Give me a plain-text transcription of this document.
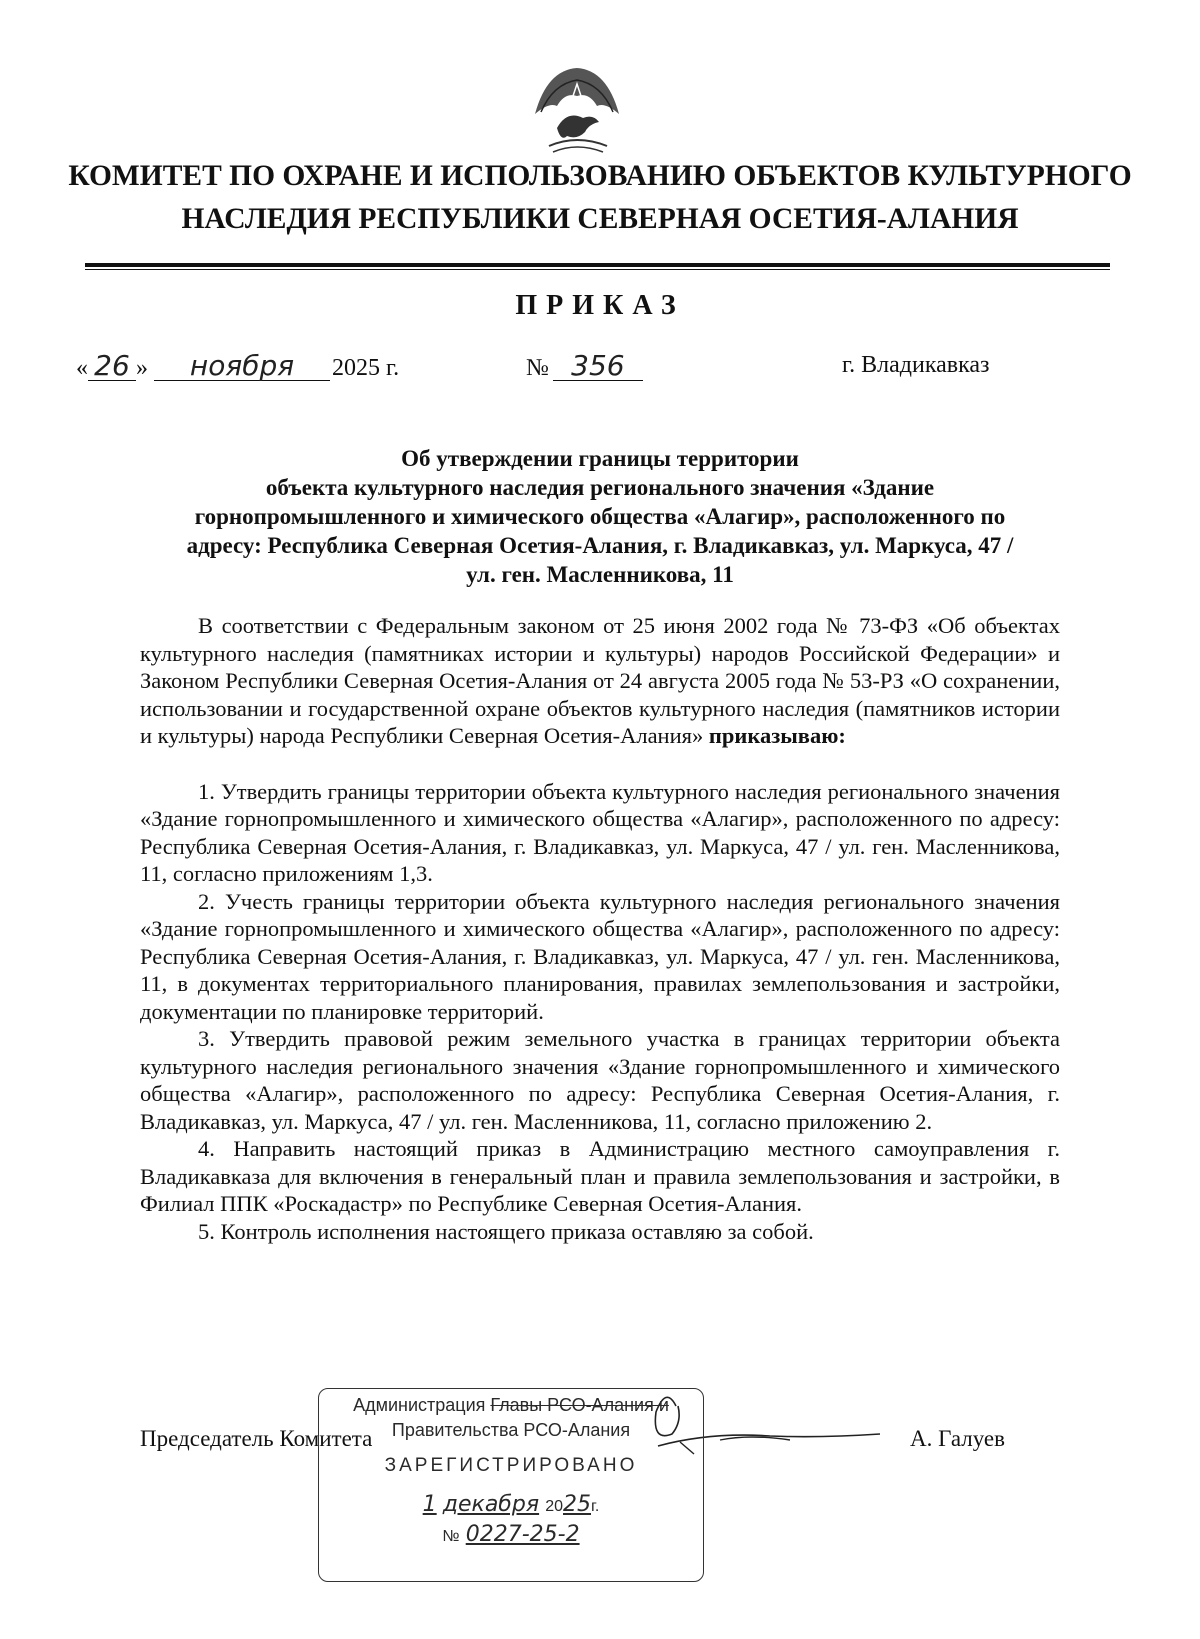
КОМИТЕТ ПО ОХРАНЕ И ИСПОЛЬЗОВАНИЮ ОБЪЕКТОВ КУЛЬТУРНОГО
НАСЛЕДИЯ РЕСПУБЛИКИ СЕВЕРНАЯ ОСЕТИЯ-АЛАНИЯ
ПРИКАЗ
« 26 » ноября 2025 г.	№ 356	г. Владикавказ
Об утверждении границы территории
объекта культурного наследия регионального значения «Здание
горнопромышленного и химического общества «Алагир», расположенного по
адресу: Республика Северная Осетия-Алания, г. Владикавказ, ул. Маркуса, 47 /
ул. ген. Масленникова, 11

В соответствии с Федеральным законом от 25 июня 2002 года № 73-ФЗ «Об объектах культурного наследия (памятниках истории и культуры) народов Российской Федерации» и Законом Республики Северная Осетия-Алания от 24 августа 2005 года № 53-РЗ «О сохранении, использовании и государственной охране объектов культурного наследия (памятников истории и культуры) народа Республики Северная Осетия-Алания» приказываю:

1. Утвердить границы территории объекта культурного наследия регионального значения «Здание горнопромышленного и химического общества «Алагир», расположенного по адресу: Республика Северная Осетия-Алания, г. Владикавказ, ул. Маркуса, 47 / ул. ген. Масленникова, 11, согласно приложениям 1,3.

2. Учесть границы территории объекта культурного наследия регионального значения «Здание горнопромышленного и химического общества «Алагир», расположенного по адресу: Республика Северная Осетия-Алания, г. Владикавказ, ул. Маркуса, 47 / ул. ген. Масленникова, 11, в документах территориального планирования, правилах землепользования и застройки, документации по планировке территорий.

3. Утвердить правовой режим земельного участка в границах территории объекта культурного наследия регионального значения «Здание горнопромышленного и химического общества «Алагир», расположенного по адресу: Республика Северная Осетия-Алания, г. Владикавказ, ул. Маркуса, 47 / ул. ген. Масленникова, 11, согласно приложению 2.

4. Направить настоящий приказ в Администрацию местного самоуправления г. Владикавказа для включения в генеральный план и правила землепользования и застройки, в Филиал ППК «Роскадастр» по Республике Северная Осетия-Алания.

5. Контроль исполнения настоящего приказа оставляю за собой.

Председатель Комитета	А. Галуев
Администрация Главы РСО-Алания и
Правительства РСО-Алания
ЗАРЕГИСТРИРОВАНО
1 декабря 2025г.
№ 0227-25-2
